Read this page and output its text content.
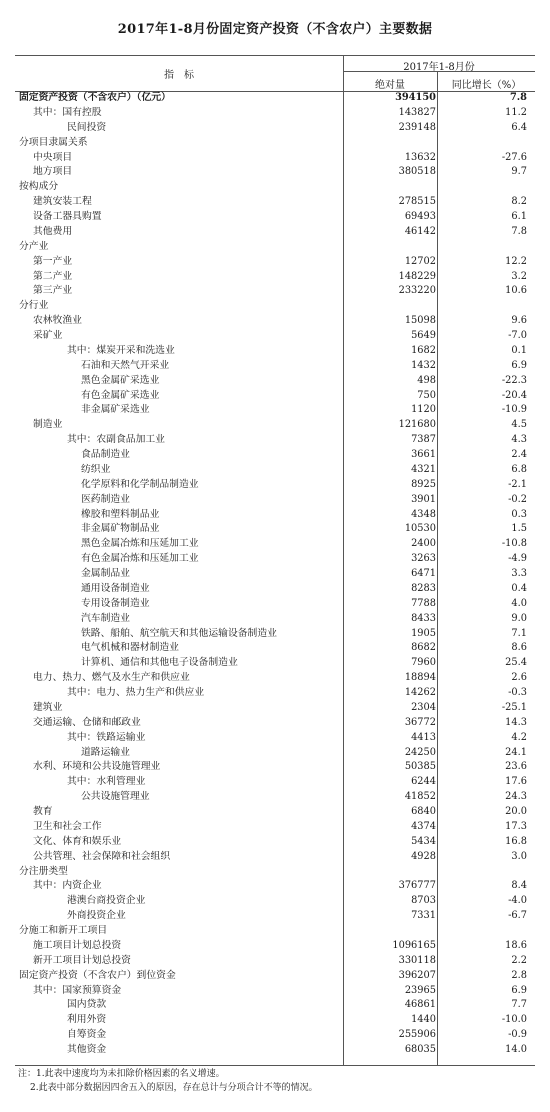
2017年1-8月份固定资产投资（不含农户）主要数据
指　标
2017年1-8月份
绝对量	同比增长（%）
固定资产投资（不含农户）（亿元）	394150	7.8
其中：国有控股	143827	11.2
民间投资	239148	6.4
分项目隶属关系
中央项目	13632	-27.6
地方项目	380518	9.7
按构成分
建筑安装工程	278515	8.2
设备工器具购置	69493	6.1
其他费用	46142	7.8
分产业
第一产业	12702	12.2
第二产业	148229	3.2
第三产业	233220	10.6
分行业
农林牧渔业	15098	9.6
采矿业	5649	-7.0
其中：煤炭开采和洗选业	1682	0.1
石油和天然气开采业	1432	6.9
黑色金属矿采选业	498	-22.3
有色金属矿采选业	750	-20.4
非金属矿采选业	1120	-10.9
制造业	121680	4.5
其中：农副食品加工业	7387	4.3
食品制造业	3661	2.4
纺织业	4321	6.8
化学原料和化学制品制造业	8925	-2.1
医药制造业	3901	-0.2
橡胶和塑料制品业	4348	0.3
非金属矿物制品业	10530	1.5
黑色金属冶炼和压延加工业	2400	-10.8
有色金属冶炼和压延加工业	3263	-4.9
金属制品业	6471	3.3
通用设备制造业	8283	0.4
专用设备制造业	7788	4.0
汽车制造业	8433	9.0
铁路、船舶、航空航天和其他运输设备制造业	1905	7.1
电气机械和器材制造业	8682	8.6
计算机、通信和其他电子设备制造业	7960	25.4
电力、热力、燃气及水生产和供应业	18894	2.6
其中：电力、热力生产和供应业	14262	-0.3
建筑业	2304	-25.1
交通运输、仓储和邮政业	36772	14.3
其中：铁路运输业	4413	4.2
道路运输业	24250	24.1
水利、环境和公共设施管理业	50385	23.6
其中：水利管理业	6244	17.6
公共设施管理业	41852	24.3
教育	6840	20.0
卫生和社会工作	4374	17.3
文化、体育和娱乐业	5434	16.8
公共管理、社会保障和社会组织	4928	3.0
分注册类型
其中：内资企业	376777	8.4
港澳台商投资企业	8703	-4.0
外商投资企业	7331	-6.7
分施工和新开工项目
施工项目计划总投资	1096165	18.6
新开工项目计划总投资	330118	2.2
固定资产投资（不含农户）到位资金	396207	2.8
其中：国家预算资金	23965	6.9
国内贷款	46861	7.7
利用外资	1440	-10.0
自筹资金	255906	-0.9
其他资金	68035	14.0
注：1.此表中速度均为未扣除价格因素的名义增速。
2.此表中部分数据因四舍五入的原因，存在总计与分项合计不等的情况。
